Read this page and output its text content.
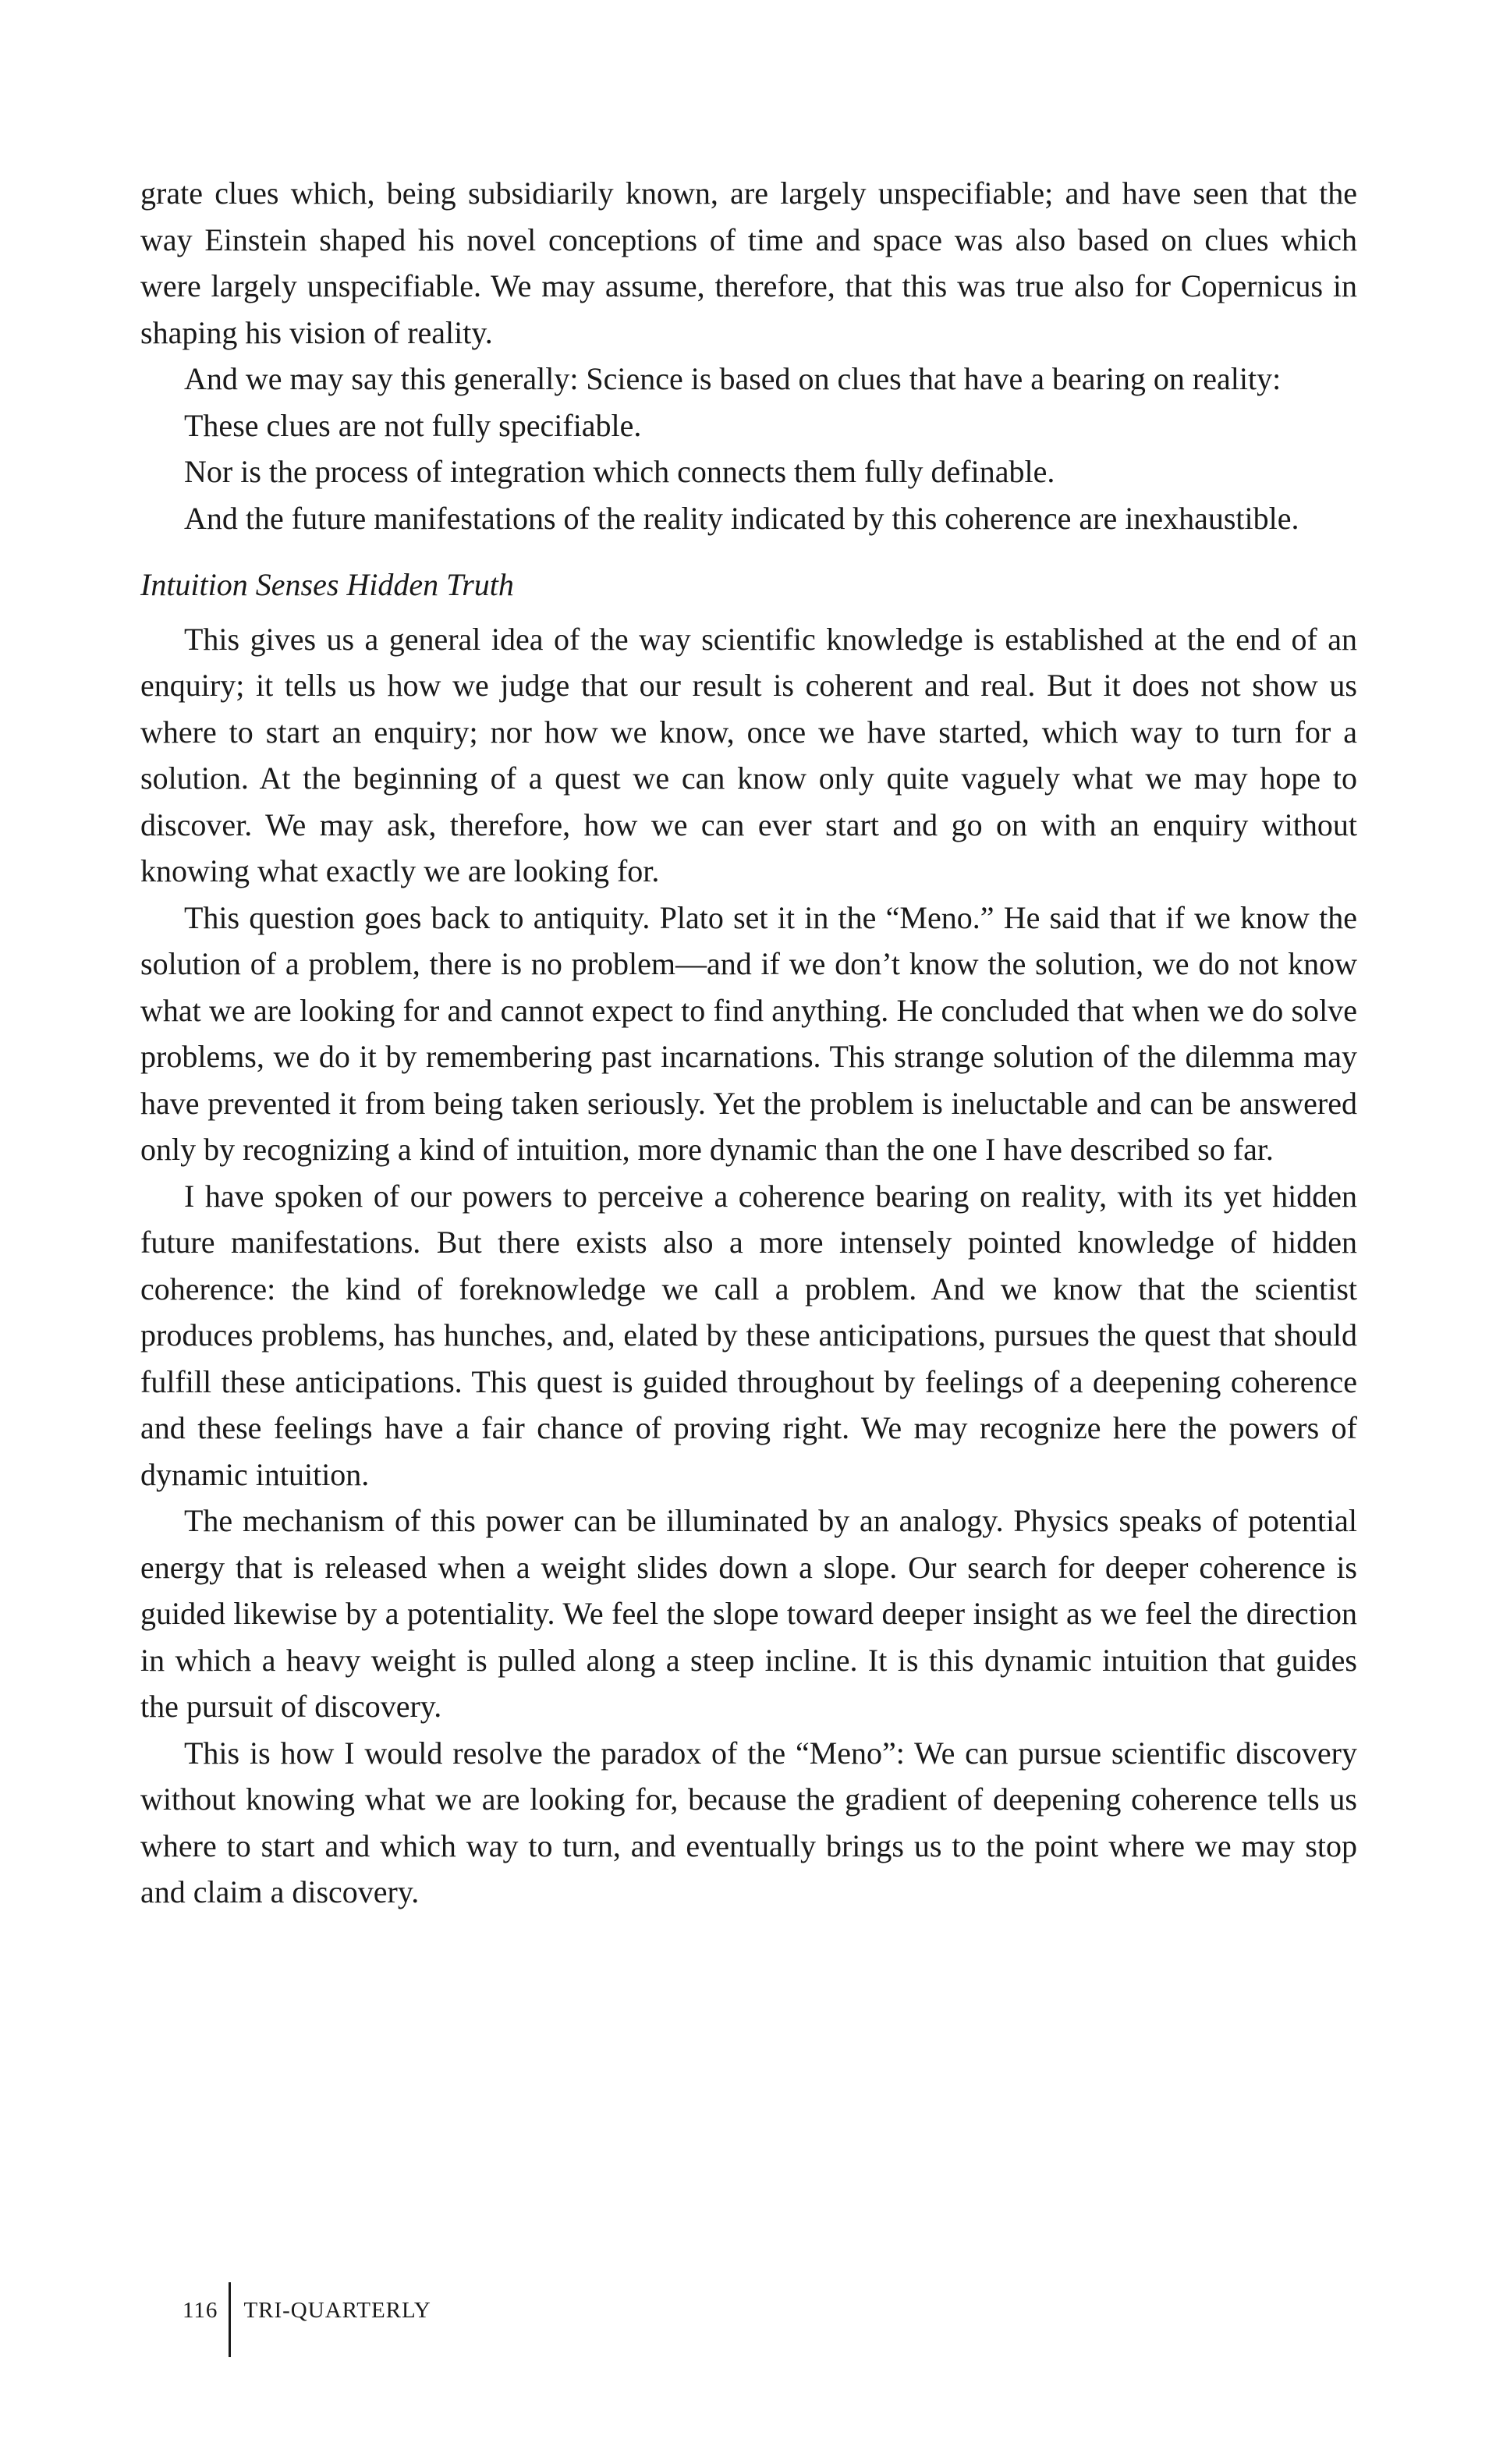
grate clues which, being subsidiarily known, are largely unspecifiable; and have seen that the way Einstein shaped his novel conceptions of time and space was also based on clues which were largely unspecifiable. We may assume, therefore, that this was true also for Copernicus in shaping his vision of reality.

And we may say this generally: Science is based on clues that have a bearing on reality:

These clues are not fully specifiable.

Nor is the process of integration which connects them fully definable.

And the future manifestations of the reality indicated by this coherence are inexhaustible.

Intuition Senses Hidden Truth

This gives us a general idea of the way scientific knowledge is established at the end of an enquiry; it tells us how we judge that our result is coherent and real. But it does not show us where to start an enquiry; nor how we know, once we have started, which way to turn for a solution. At the beginning of a quest we can know only quite vaguely what we may hope to discover. We may ask, therefore, how we can ever start and go on with an enquiry without knowing what exactly we are looking for.

This question goes back to antiquity. Plato set it in the “Meno.” He said that if we know the solution of a problem, there is no problem—and if we don’t know the solution, we do not know what we are looking for and cannot expect to find anything. He concluded that when we do solve problems, we do it by remembering past incarnations. This strange solution of the dilemma may have prevented it from being taken seriously. Yet the problem is ineluctable and can be answered only by recognizing a kind of intuition, more dynamic than the one I have described so far.

I have spoken of our powers to perceive a coherence bearing on reality, with its yet hidden future manifestations. But there exists also a more intensely pointed knowledge of hidden coherence: the kind of foreknowledge we call a problem. And we know that the scientist produces problems, has hunches, and, elated by these anticipations, pursues the quest that should fulfill these anticipations. This quest is guided throughout by feelings of a deepening coherence and these feelings have a fair chance of proving right. We may recognize here the powers of dynamic intuition.

The mechanism of this power can be illuminated by an analogy. Physics speaks of potential energy that is released when a weight slides down a slope. Our search for deeper coherence is guided likewise by a potentiality. We feel the slope toward deeper insight as we feel the direction in which a heavy weight is pulled along a steep incline. It is this dynamic intuition that guides the pursuit of discovery.

This is how I would resolve the paradox of the “Meno”: We can pursue scientific discovery without knowing what we are looking for, because the gradient of deepening coherence tells us where to start and which way to turn, and eventually brings us to the point where we may stop and claim a discovery.

116	TRI-QUARTERLY
